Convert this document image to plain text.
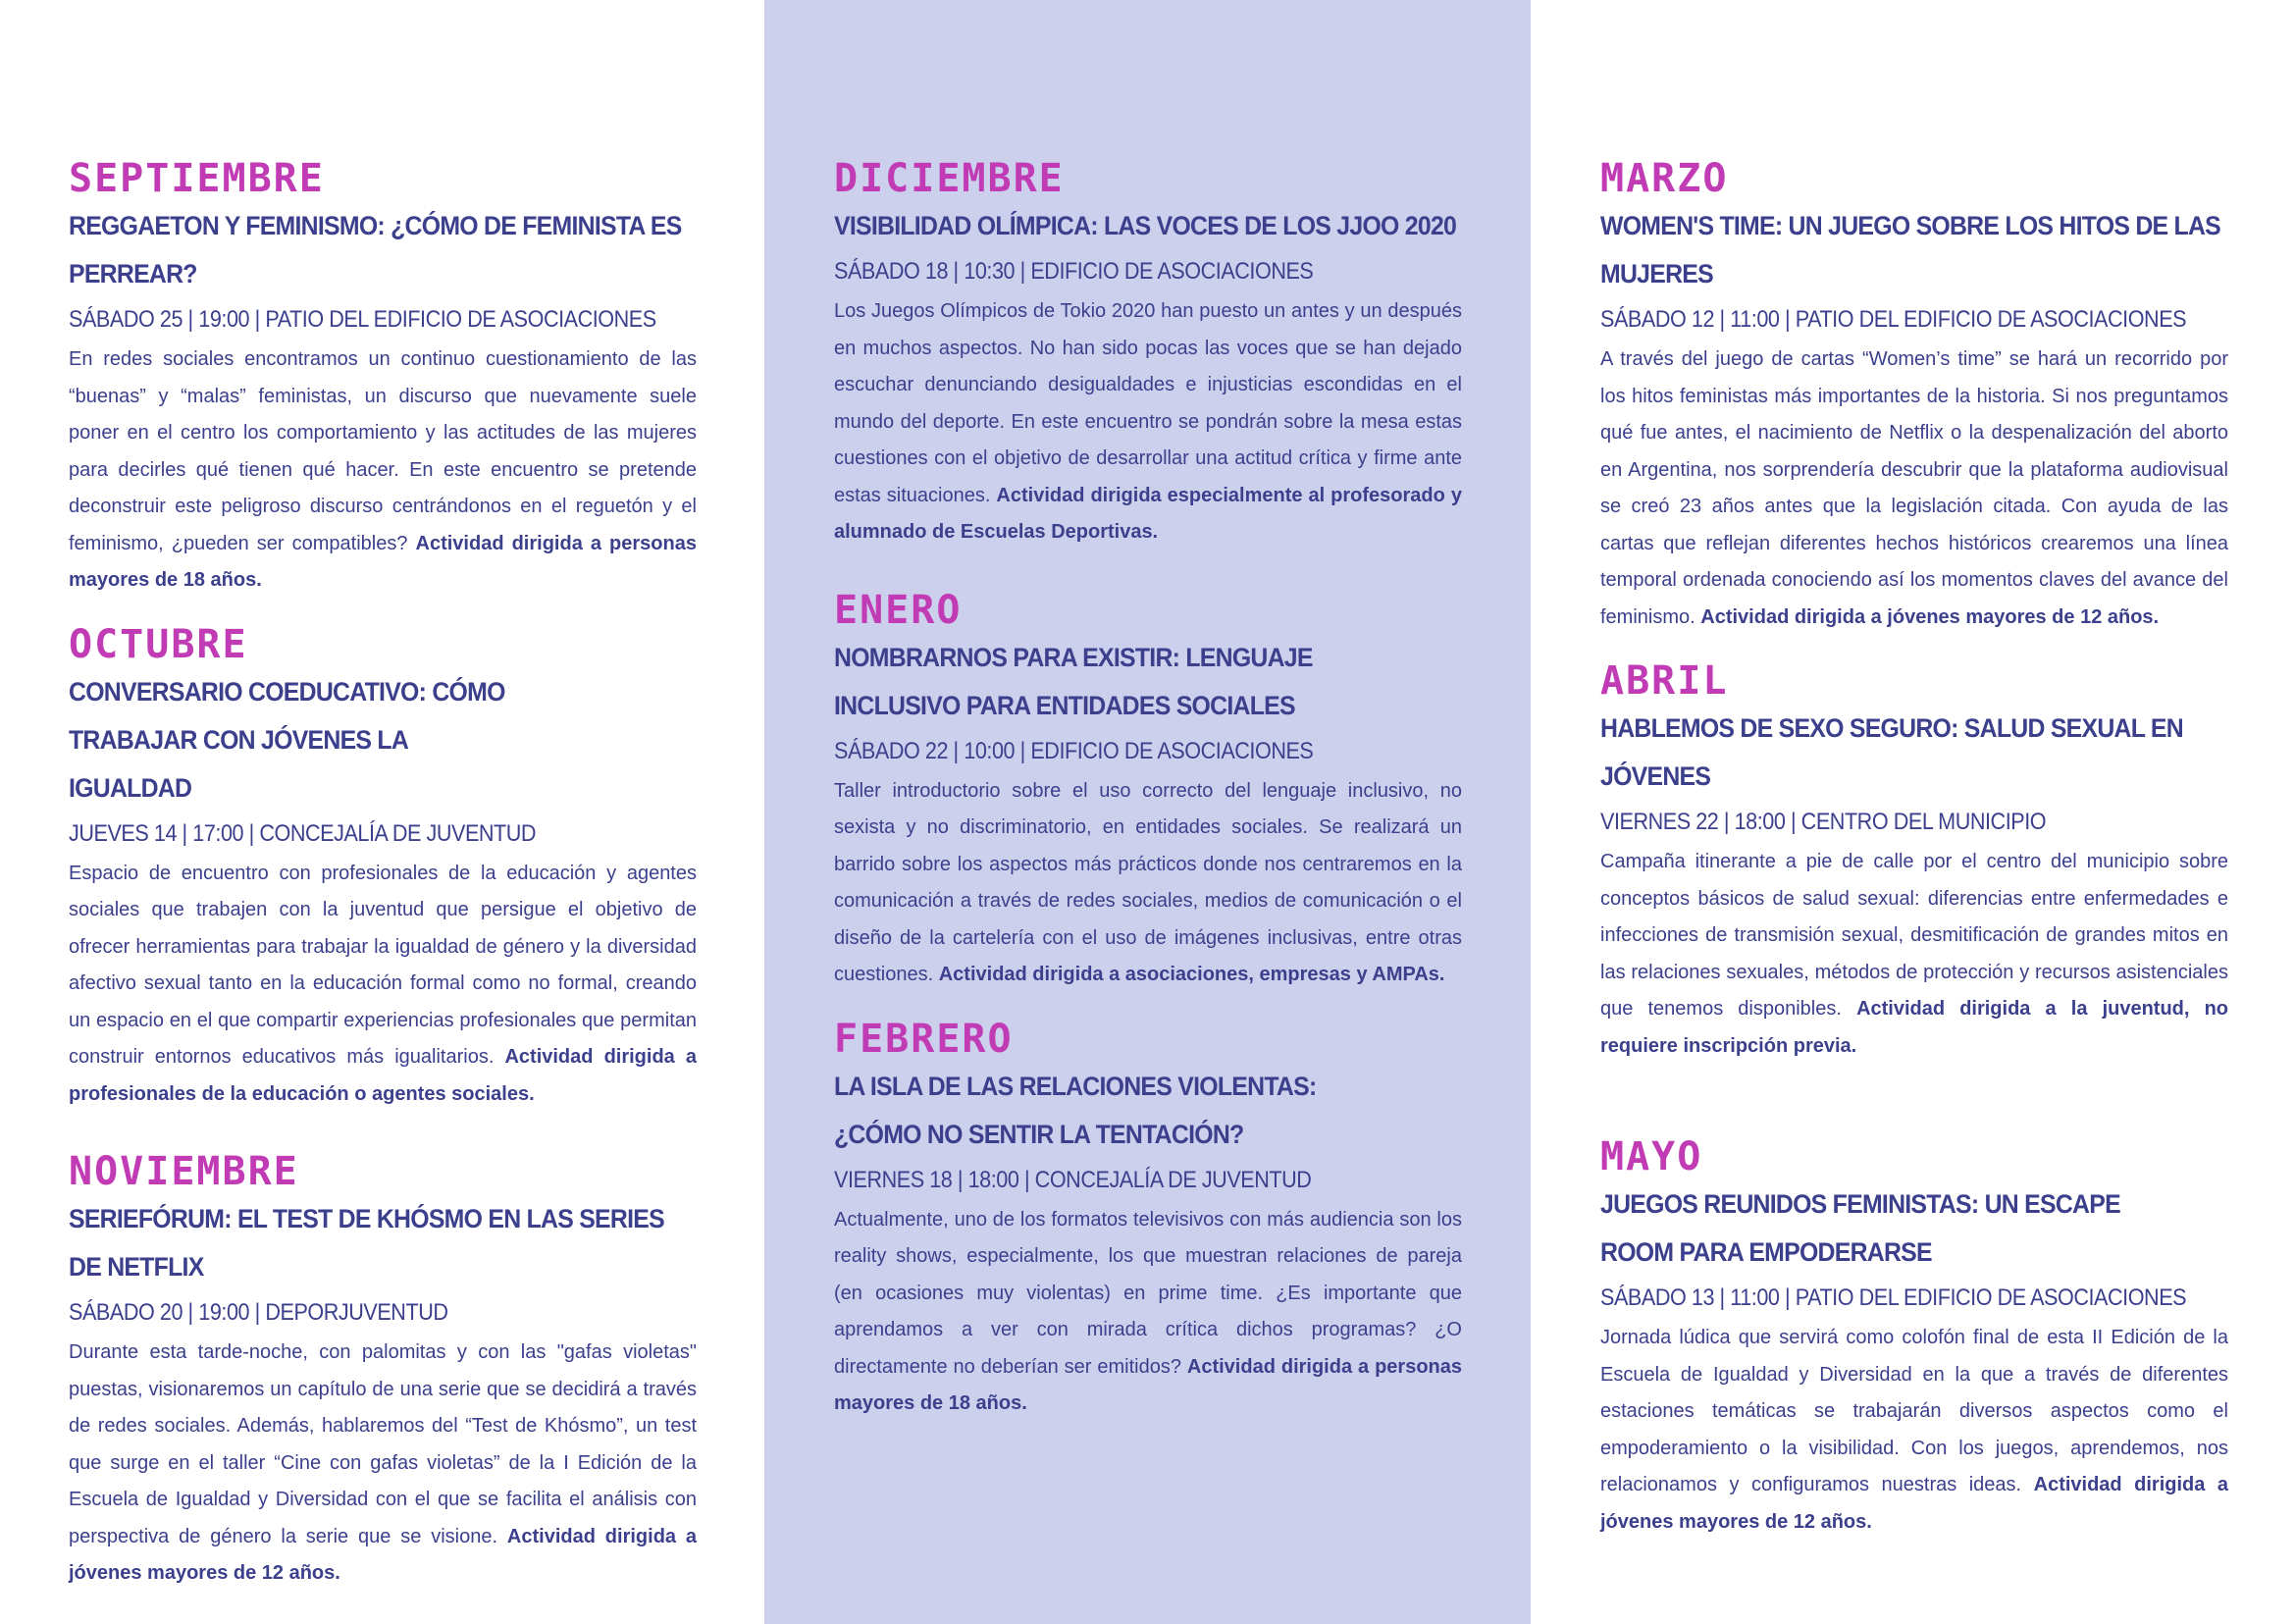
SEPTIEMBRE
REGGAETON Y FEMINISMO: ¿CÓMO DE FEMINISTA ES PERREAR?
SÁBADO 25 | 19:00 | PATIO DEL EDIFICIO DE ASOCIACIONES

En redes sociales encontramos un continuo cuestionamiento de las “buenas” y “malas” feministas, un discurso que nuevamente suele poner en el centro los comportamiento y las actitudes de las mujeres para decirles qué tienen qué hacer. En este encuentro se pretende deconstruir este peligroso discurso centrándonos en el reguetón y el feminismo, ¿pueden ser compatibles? Actividad dirigida a personas mayores de 18 años.

OCTUBRE
CONVERSARIO COEDUCATIVO: CÓMO TRABAJAR CON JÓVENES LA IGUALDAD
JUEVES 14 | 17:00 | CONCEJALÍA DE JUVENTUD

Espacio de encuentro con profesionales de la educación y agentes sociales que trabajen con la juventud que persigue el objetivo de ofrecer herramientas para trabajar la igualdad de género y la diversidad afectivo sexual tanto en la educación formal como no formal, creando un espacio en el que compartir experiencias profesionales que permitan construir entornos educativos más igualitarios. Actividad dirigida a profesionales de la educación o agentes sociales.

NOVIEMBRE
SERIEFÓRUM: EL TEST DE KHÓSMO EN LAS SERIES DE NETFLIX
SÁBADO 20 | 19:00 | DEPORJUVENTUD

Durante esta tarde-noche, con palomitas y con las "gafas violetas" puestas, visionaremos un capítulo de una serie que se decidirá a través de redes sociales. Además, hablaremos del “Test de Khósmo”, un test que surge en el taller “Cine con gafas violetas” de la I Edición de la Escuela de Igualdad y Diversidad con el que se facilita el análisis con perspectiva de género la serie que se visione. Actividad dirigida a jóvenes mayores de 12 años.

DICIEMBRE
VISIBILIDAD OLÍMPICA: LAS VOCES DE LOS JJOO 2020
SÁBADO 18 | 10:30 | EDIFICIO DE ASOCIACIONES

Los Juegos Olímpicos de Tokio 2020 han puesto un antes y un después en muchos aspectos. No han sido pocas las voces que se han dejado escuchar denunciando desigualdades e injusticias escondidas en el mundo del deporte. En este encuentro se pondrán sobre la mesa estas cuestiones con el objetivo de desarrollar una actitud crítica y firme ante estas situaciones. Actividad dirigida especialmente al profesorado y alumnado de Escuelas Deportivas.

ENERO
NOMBRARNOS PARA EXISTIR: LENGUAJE INCLUSIVO PARA ENTIDADES SOCIALES
SÁBADO 22 | 10:00 | EDIFICIO DE ASOCIACIONES

Taller introductorio sobre el uso correcto del lenguaje inclusivo, no sexista y no discriminatorio, en entidades sociales. Se realizará un barrido sobre los aspectos más prácticos donde nos centraremos en la comunicación a través de redes sociales, medios de comunicación o el diseño de la cartelería con el uso de imágenes inclusivas, entre otras cuestiones. Actividad dirigida a asociaciones, empresas y AMPAs.

FEBRERO
LA ISLA DE LAS RELACIONES VIOLENTAS: ¿CÓMO NO SENTIR LA TENTACIÓN?
VIERNES 18 | 18:00 | CONCEJALÍA DE JUVENTUD

Actualmente, uno de los formatos televisivos con más audiencia son los reality shows, especialmente, los que muestran relaciones de pareja (en ocasiones muy violentas) en prime time. ¿Es importante que aprendamos a ver con mirada crítica dichos programas? ¿O directamente no deberían ser emitidos? Actividad dirigida a personas mayores de 18 años.

MARZO
WOMEN'S TIME: UN JUEGO SOBRE LOS HITOS DE LAS MUJERES
SÁBADO 12 | 11:00 | PATIO DEL EDIFICIO DE ASOCIACIONES

A través del juego de cartas “Women’s time” se hará un recorrido por los hitos feministas más importantes de la historia. Si nos preguntamos qué fue antes, el nacimiento de Netflix o la despenalización del aborto en Argentina, nos sorprendería descubrir que la plataforma audiovisual se creó 23 años antes que la legislación citada. Con ayuda de las cartas que reflejan diferentes hechos históricos crearemos una línea temporal ordenada conociendo así los momentos claves del avance del feminismo. Actividad dirigida a jóvenes mayores de 12 años.

ABRIL
HABLEMOS DE SEXO SEGURO: SALUD SEXUAL EN JÓVENES
VIERNES 22 | 18:00 | CENTRO DEL MUNICIPIO

Campaña itinerante a pie de calle por el centro del municipio sobre conceptos básicos de salud sexual: diferencias entre enfermedades e infecciones de transmisión sexual, desmitificación de grandes mitos en las relaciones sexuales, métodos de protección y recursos asistenciales que tenemos disponibles. Actividad dirigida a la juventud, no requiere inscripción previa.

MAYO
JUEGOS REUNIDOS FEMINISTAS: UN ESCAPE ROOM PARA EMPODERARSE
SÁBADO 13 | 11:00 | PATIO DEL EDIFICIO DE ASOCIACIONES

Jornada lúdica que servirá como colofón final de esta II Edición de la Escuela de Igualdad y Diversidad en la que a través de diferentes estaciones temáticas se trabajarán diversos aspectos como el empoderamiento o la visibilidad. Con los juegos, aprendemos, nos relacionamos y configuramos nuestras ideas. Actividad dirigida a jóvenes mayores de 12 años.
